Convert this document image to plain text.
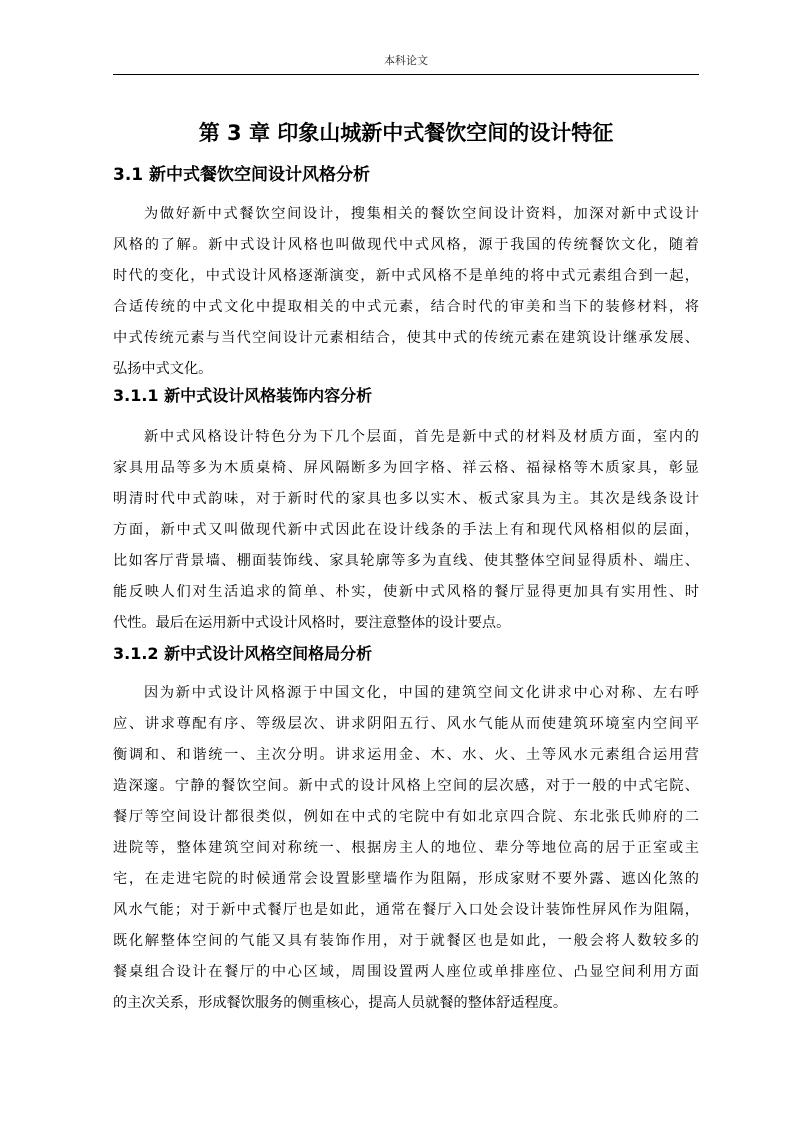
本科论文
第 3 章 印象山城新中式餐饮空间的设计特征
3.1 新中式餐饮空间设计风格分析
为做好新中式餐饮空间设计，搜集相关的餐饮空间设计资料，加深对新中式设计
风格的了解。新中式设计风格也叫做现代中式风格，源于我国的传统餐饮文化，随着
时代的变化，中式设计风格逐渐演变，新中式风格不是单纯的将中式元素组合到一起，
合适传统的中式文化中提取相关的中式元素，结合时代的审美和当下的装修材料，将
中式传统元素与当代空间设计元素相结合，使其中式的传统元素在建筑设计继承发展、
弘扬中式文化。
3.1.1 新中式设计风格装饰内容分析
新中式风格设计特色分为下几个层面，首先是新中式的材料及材质方面，室内的
家具用品等多为木质桌椅、屏风隔断多为回字格、祥云格、福禄格等木质家具，彰显
明清时代中式韵味，对于新时代的家具也多以实木、板式家具为主。其次是线条设计
方面，新中式又叫做现代新中式因此在设计线条的手法上有和现代风格相似的层面，
比如客厅背景墙、棚面装饰线、家具轮廓等多为直线、使其整体空间显得质朴、端庄、
能反映人们对生活追求的简单、朴实，使新中式风格的餐厅显得更加具有实用性、时
代性。最后在运用新中式设计风格时，要注意整体的设计要点。
3.1.2 新中式设计风格空间格局分析
因为新中式设计风格源于中国文化，中国的建筑空间文化讲求中心对称、左右呼
应、讲求尊配有序、等级层次、讲求阴阳五行、风水气能从而使建筑环境室内空间平
衡调和、和谐统一、主次分明。讲求运用金、木、水、火、土等风水元素组合运用营
造深邃。宁静的餐饮空间。新中式的设计风格上空间的层次感，对于一般的中式宅院、
餐厅等空间设计都很类似，例如在中式的宅院中有如北京四合院、东北张氏帅府的二
进院等，整体建筑空间对称统一、根据房主人的地位、辈分等地位高的居于正室或主
宅，在走进宅院的时候通常会设置影壁墙作为阻隔，形成家财不要外露、遮凶化煞的
风水气能；对于新中式餐厅也是如此，通常在餐厅入口处会设计装饰性屏风作为阻隔，
既化解整体空间的气能又具有装饰作用，对于就餐区也是如此，一般会将人数较多的
餐桌组合设计在餐厅的中心区域，周围设置两人座位或单排座位、凸显空间利用方面
的主次关系，形成餐饮服务的侧重核心，提高人员就餐的整体舒适程度。
